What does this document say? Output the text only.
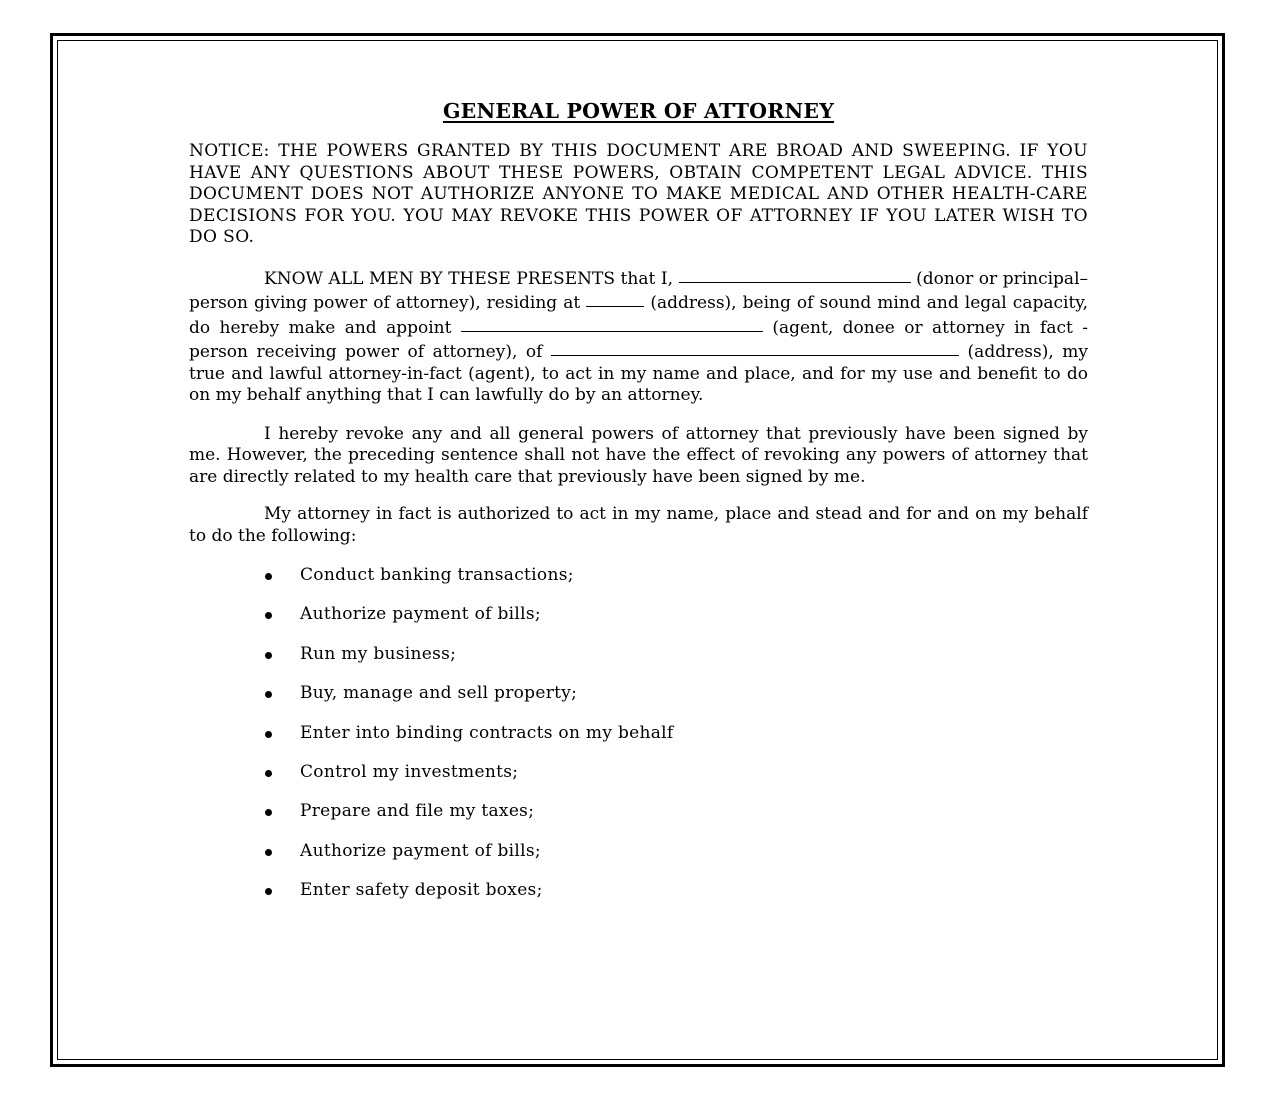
GENERAL POWER OF ATTORNEY

NOTICE: THE POWERS GRANTED BY THIS DOCUMENT ARE BROAD AND SWEEPING. IF YOU HAVE ANY QUESTIONS ABOUT THESE POWERS, OBTAIN COMPETENT LEGAL ADVICE. THIS DOCUMENT DOES NOT AUTHORIZE ANYONE TO MAKE MEDICAL AND OTHER HEALTH-CARE DECISIONS FOR YOU. YOU MAY REVOKE THIS POWER OF ATTORNEY IF YOU LATER WISH TO DO SO.

KNOW ALL MEN BY THESE PRESENTS that I,	(donor or principal–person giving power of attorney), residing at	(address), being of sound mind and legal capacity, do hereby make and appoint	(agent, donee or attorney in fact - person receiving power of attorney), of	(address), my true and lawful attorney-in-fact (agent), to act in my name and place, and for my use and benefit to do on my behalf anything that I can lawfully do by an attorney.

I hereby revoke any and all general powers of attorney that previously have been signed by me. However, the preceding sentence shall not have the effect of revoking any powers of attorney that are directly related to my health care that previously have been signed by me.

My attorney in fact is authorized to act in my name, place and stead and for and on my behalf to do the following:

Conduct banking transactions;
Authorize payment of bills;
Run my business;
Buy, manage and sell property;
Enter into binding contracts on my behalf
Control my investments;
Prepare and file my taxes;
Authorize payment of bills;
Enter safety deposit boxes;
